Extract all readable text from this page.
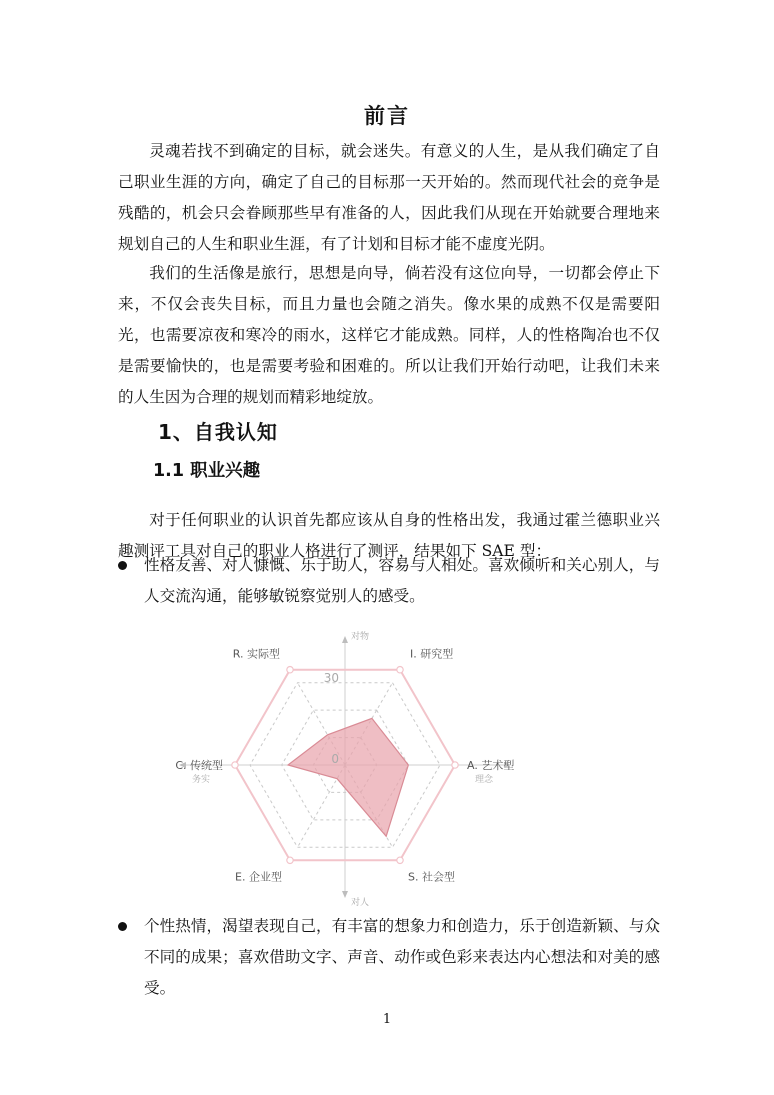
前言

灵魂若找不到确定的目标，就会迷失。有意义的人生，是从我们确定了自己职业生涯的方向，确定了自己的目标那一天开始的。然而现代社会的竞争是残酷的，机会只会眷顾那些早有准备的人，因此我们从现在开始就要合理地来规划自己的人生和职业生涯，有了计划和目标才能不虚度光阴。

我们的生活像是旅行，思想是向导，倘若没有这位向导，一切都会停止下来，不仅会丧失目标，而且力量也会随之消失。像水果的成熟不仅是需要阳光，也需要凉夜和寒冷的雨水，这样它才能成熟。同样，人的性格陶冶也不仅是需要愉快的，也是需要考验和困难的。所以让我们开始行动吧，让我们未来的人生因为合理的规划而精彩地绽放。

1、自我认知
1.1 职业兴趣

对于任何职业的认识首先都应该从自身的性格出发，我通过霍兰德职业兴趣测评工具对自己的职业人格进行了测评，结果如下 SAE 型：

性格友善、对人慷慨、乐于助人，容易与人相处。喜欢倾听和关心别人，与人交流沟通，能够敏锐察觉别人的感受。

I. 研究型
A. 艺术型
S. 社会型
E. 企业型
C. 传统型
R. 实际型
30
0
对物
对人
务实	理念

个性热情，渴望表现自己，有丰富的想象力和创造力，乐于创造新颖、与众不同的成果；喜欢借助文字、声音、动作或色彩来表达内心想法和对美的感受。

1
